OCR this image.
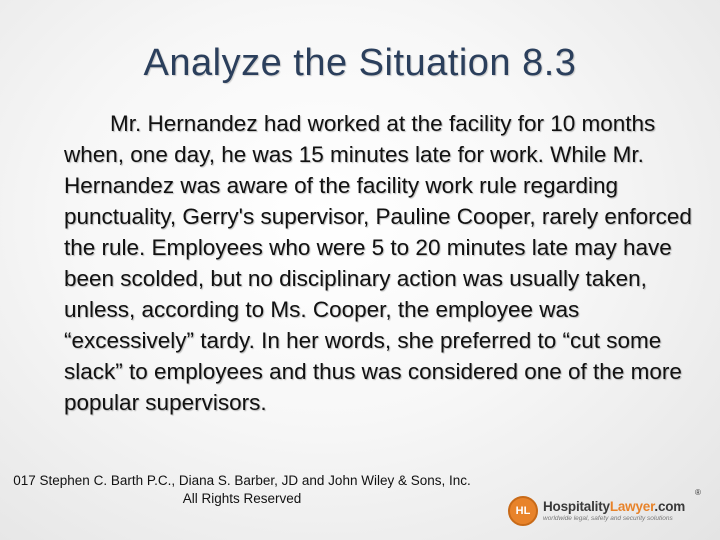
Analyze the Situation 8.3
Mr. Hernandez had worked at the facility for 10 months when, one day, he was 15 minutes late for work. While Mr. Hernandez was aware of the facility work rule regarding punctuality, Gerry's supervisor, Pauline Cooper, rarely enforced the rule. Employees who were 5 to 20 minutes late may have been scolded, but no disciplinary action was usually taken, unless, according to Ms. Cooper, the employee was “excessively” tardy. In her words, she preferred to “cut some slack” to employees and thus was considered one of the more popular supervisors.
017 Stephen C. Barth P.C., Diana S. Barber, JD and John Wiley & Sons, Inc.
All Rights Reserved
HL HospitalityLawyer.com
worldwide legal, safety and security solutions
®
